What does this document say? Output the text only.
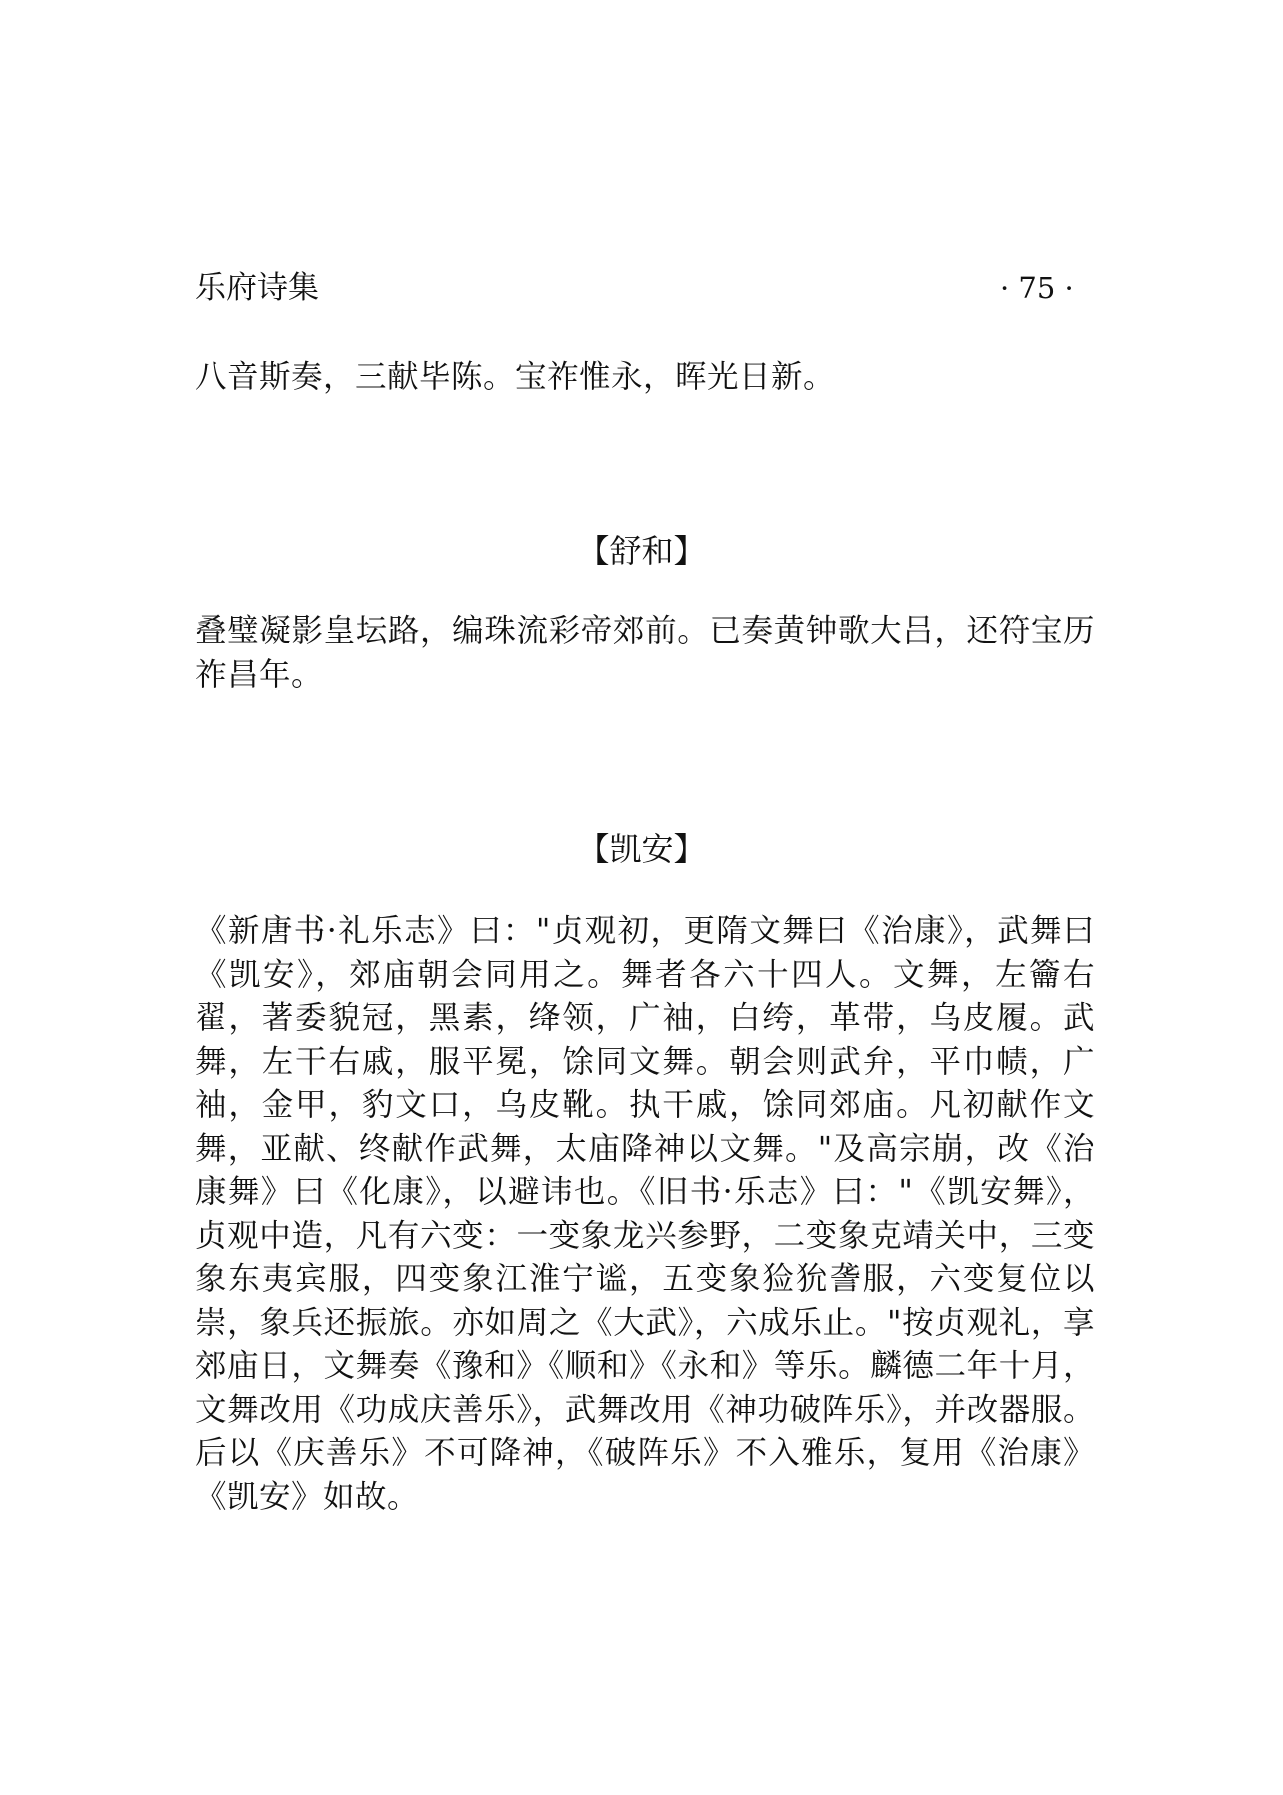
乐府诗集	· 75 ·
八音斯奏，三献毕陈。宝祚惟永，晖光日新。
【舒和】
叠璧凝影皇坛路，编珠流彩帝郊前。已奏黄钟歌大吕，还符宝历祚昌年。
【凯安】
《新唐书·礼乐志》曰："贞观初，更隋文舞曰《治康》，武舞曰《凯安》，郊庙朝会同用之。舞者各六十四人。文舞，左籥右翟，著委貌冠，黑素，绛领，广袖，白绔，革带，乌皮履。武舞，左干右戚，服平冕，馀同文舞。朝会则武弁，平巾帻，广袖，金甲，豹文口，乌皮靴。执干戚，馀同郊庙。凡初献作文舞，亚献、终献作武舞，太庙降神以文舞。"及高宗崩，改《治康舞》曰《化康》，以避讳也。《旧书·乐志》曰："《凯安舞》，贞观中造，凡有六变：一变象龙兴参野，二变象克靖关中，三变象东夷宾服，四变象江淮宁谧，五变象猃狁詟服，六变复位以崇，象兵还振旅。亦如周之《大武》，六成乐止。"按贞观礼，享郊庙日，文舞奏《豫和》《顺和》《永和》等乐。麟德二年十月，文舞改用《功成庆善乐》，武舞改用《神功破阵乐》，并改器服。后以《庆善乐》不可降神，《破阵乐》不入雅乐，复用《治康》《凯安》如故。
